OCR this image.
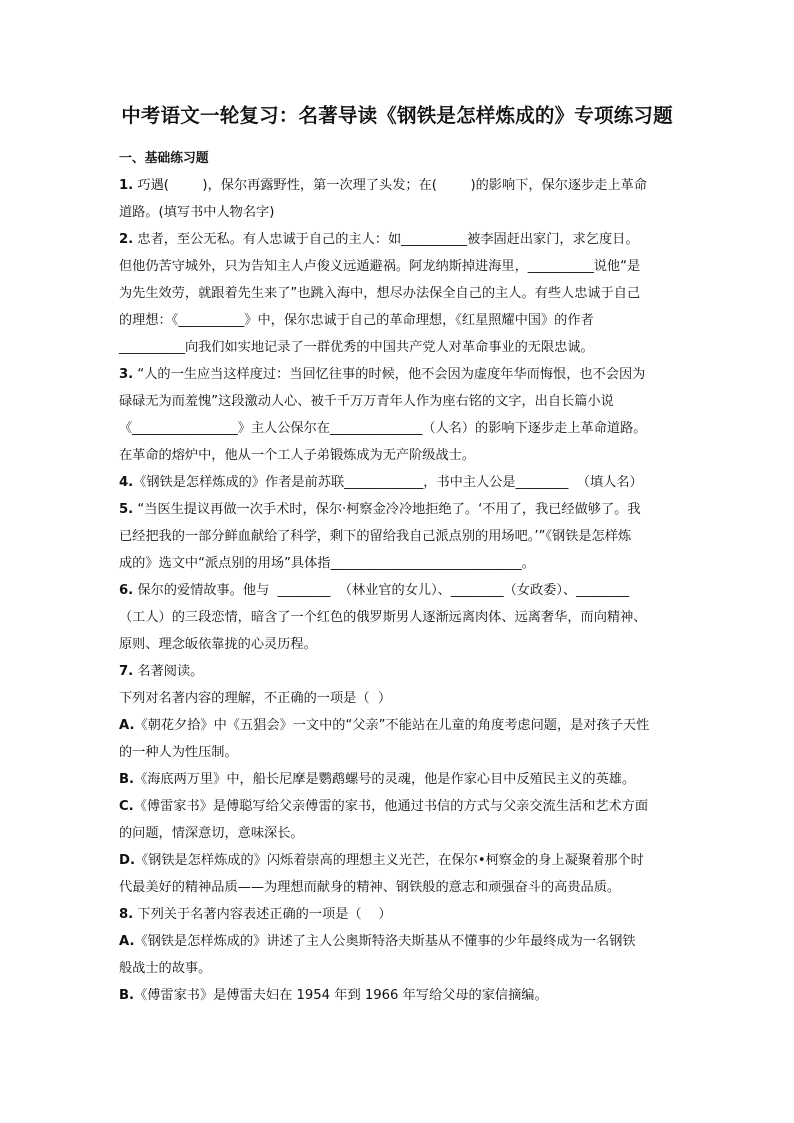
中考语文一轮复习：名著导读《钢铁是怎样炼成的》专项练习题

一、基础练习题

1. 巧遇(        )，保尔再露野性，第一次理了头发；在(        )的影响下，保尔逐步走上革命

道路。(填写书中人物名字)

2. 忠者，至公无私。有人忠诚于自己的主人：如__________被李固赶出家门，求乞度日。

但他仍苦守城外，只为告知主人卢俊义远遁避祸。阿龙纳斯掉进海里，__________说他“是

为先生效劳，就跟着先生来了”也跳入海中，想尽办法保全自己的主人。有些人忠诚于自己

的理想：《__________》中，保尔忠诚于自己的革命理想，《红星照耀中国》的作者

__________向我们如实地记录了一群优秀的中国共产党人对革命事业的无限忠诚。

3. “人的一生应当这样度过：当回忆往事的时候，他不会因为虚度年华而悔恨，也不会因为

碌碌无为而羞愧”这段激动人心、被千千万万青年人作为座右铭的文字，出自长篇小说

《________________》主人公保尔在______________（人名）的影响下逐步走上革命道路。

在革命的熔炉中，他从一个工人子弟锻炼成为无产阶级战士。

4.《钢铁是怎样炼成的》作者是前苏联____________，书中主人公是________  （填人名）

5. “当医生提议再做一次手术时，保尔·柯察金冷冷地拒绝了。‘不用了，我已经做够了。我

已经把我的一部分鲜血献给了科学，剩下的留给我自己派点别的用场吧。’”《钢铁是怎样炼

成的》选文中“派点别的用场”具体指_____________________________。

6. 保尔的爱情故事。他与  ________  （林业官的女儿）、________（女政委）、________

（工人）的三段恋情，暗含了一个红色的俄罗斯男人逐渐远离肉体、远离奢华，而向精神、

原则、理念皈依靠拢的心灵历程。

7. 名著阅读。

下列对名著内容的理解，不正确的一项是（  ）

A.《朝花夕拾》中《五猖会》一文中的“父亲”不能站在儿童的角度考虑问题，是对孩子天性

的一种人为性压制。

B.《海底两万里》中，船长尼摩是鹦鹉螺号的灵魂，他是作家心目中反殖民主义的英雄。

C.《傅雷家书》是傅聪写给父亲傅雷的家书，他通过书信的方式与父亲交流生活和艺术方面

的问题，情深意切，意味深长。

D.《钢铁是怎样炼成的》闪烁着崇高的理想主义光芒，在保尔•柯察金的身上凝聚着那个时

代最美好的精神品质——为理想而献身的精神、钢铁般的意志和顽强奋斗的高贵品质。

8. 下列关于名著内容表述正确的一项是（    ）

A.《钢铁是怎样炼成的》讲述了主人公奥斯特洛夫斯基从不懂事的少年最终成为一名钢铁

般战士的故事。

B.《傅雷家书》是傅雷夫妇在 1954 年到 1966 年写给父母的家信摘编。
